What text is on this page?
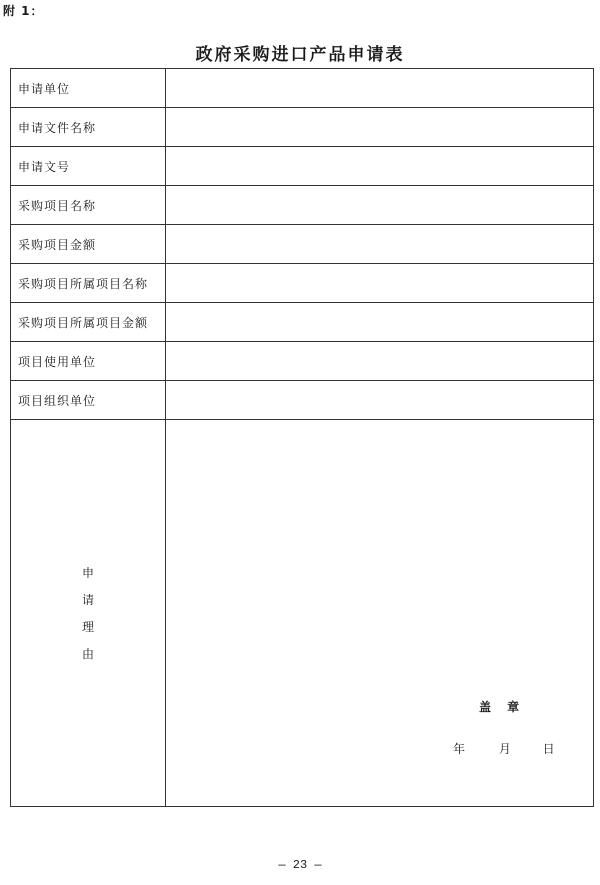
附 1：
政府采购进口产品申请表
申请单位	
申请文件名称	
申请文号	
采购项目名称	
采购项目金额	
采购项目所属项目名称	
采购项目所属项目金额	
项目使用单位	
项目组织单位	

申
请
理
由

盖 章
年	月	日
— 23 —
